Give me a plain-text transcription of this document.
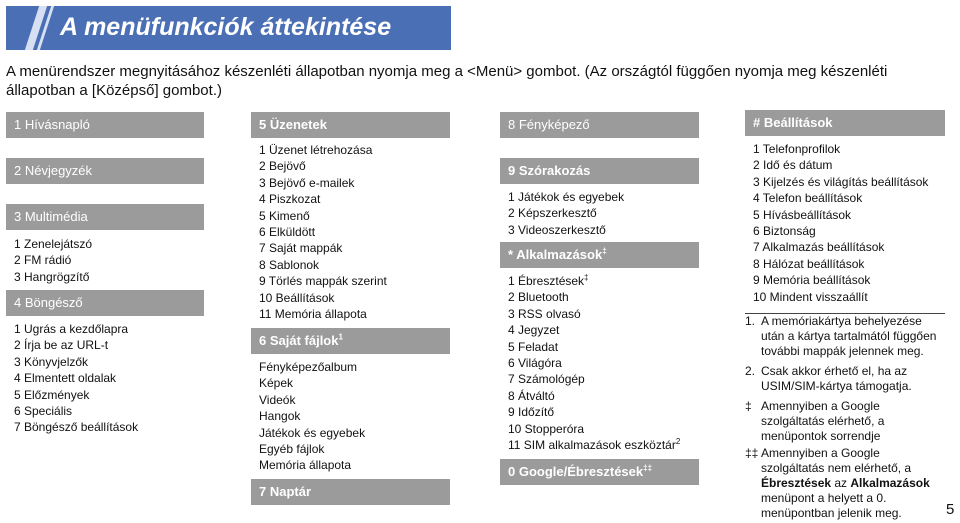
A menüfunkciók áttekintése
A menürendszer megnyitásához készenléti állapotban nyomja meg a <Menü> gombot. (Az országtól függően nyomja meg készenléti állapotban a [Középső] gombot.)
1 Hívásnapló
2 Névjegyzék
3 Multimédia
1 Zenelejátszó
2 FM rádió
3 Hangrögzítő
4 Böngésző
1 Ugrás a kezdőlapra
2 Írja be az URL-t
3 Könyvjelzők
4 Elmentett oldalak
5 Előzmények
6 Speciális
7 Böngésző beállítások
5 Üzenetek
1 Üzenet létrehozása
2 Bejövő
3 Bejövő e-mailek
4 Piszkozat
5 Kimenő
6 Elküldött
7 Saját mappák
8 Sablonok
9 Törlés mappák szerint
10 Beállítások
11 Memória állapota
6 Saját fájlok$^1$
Fényképezőalbum
Képek
Videók
Hangok
Játékok és egyebek
Egyéb fájlok
Memória állapota
7 Naptár
8 Fényképező
9 Szórakozás
1 Játékok és egyebek
2 Képszerkesztő
3 Videoszerkesztő
* Alkalmazások‡
1 Ébresztések‡
2 Bluetooth
3 RSS olvasó
4 Jegyzet
5 Feladat
6 Világóra
7 Számológép
8 Átváltó
9 Időzítő
10 Stopperóra
11 SIM alkalmazások eszköztár$^2$
0 Google/Ébresztések‡‡
# Beállítások
1 Telefonprofilok
2 Idő és dátum
3 Kijelzés és világítás beállítások
4 Telefon beállítások
5 Hívásbeállítások
6 Biztonság
7 Alkalmazás beállítások
8 Hálózat beállítások
9 Memória beállítások
10 Mindent visszaállít
1. A memóriakártya behelyezése
után a kártya tartalmától függően
további mappák jelennek meg.
2. Csak akkor érhető el, ha az
USIM/SIM-kártya támogatja.
‡ Amennyiben a Google
szolgáltatás elérhető, a
menüpontok sorrendje
‡‡ Amennyiben a Google
szolgáltatás nem elérhető, a
Ébresztések az Alkalmazások
menüpont a helyett a 0.
menüpontban jelenik meg.	5
